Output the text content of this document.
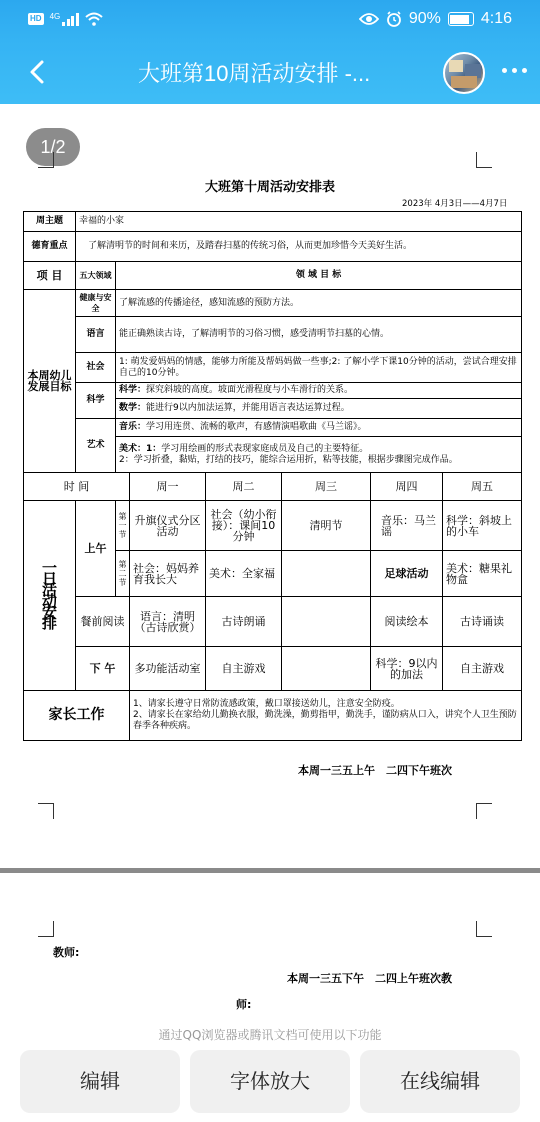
HD 4G	90%	4:16
大班第10周活动安排 -...
1/2
大班第十周活动安排表
2023年 4月3日——4月7日
周主题	幸福的小家						
德育重点	了解清明节的时间和来历，及踏春扫墓的传统习俗，从而更加珍惜今天美好生活。						
项 目	五大领域	领 域 目 标					
本周幼儿发展目标	健康与安全	了解流感的传播途径，感知流感的预防方法。					
	语言	能正确熟读古诗，了解清明节的习俗习惯，感受清明节扫墓的心情。					
	社会	1: 萌发爱妈妈的情感，能够力所能及帮妈妈做一些事;2: 了解小学下课10分钟的活动，尝试合理安排自己的10分钟。					
	科学	科学：探究斜坡的高度。坡面光滑程度与小车滑行的关系。					
		数学：能进行9以内加法运算，并能用语言表达运算过程。					
	艺术	音乐：学习用连贯、流畅的歌声，有感情演唱歌曲《马兰谣》。					
		美术：1：学习用绘画的形式表现家庭成员及自己的主要特征。
2：学习折叠，黏贴，打结的技巧，能综合运用折，粘等技能，根据步骤图完成作品。					
时 间			周一	周二	周三	周四	周五
一日活动安排	上午	第一节	升旗仪式分区活动	社会（幼小衔接）：课间10分钟	清明节	音乐：马兰谣	科学：斜坡上的小车
		第二节	社会：妈妈养育我长大	美术：全家福		足球活动	美术：糖果礼物盒
	餐前阅读		语言：清明（古诗欣赏）	古诗朗诵		阅读绘本	古诗诵读
	下 午		多功能活动室	自主游戏		科学：9以内的加法	自主游戏
家长工作			1、请家长遵守日常防流感政策，戴口罩接送幼儿，注意安全防疫。
2、请家长在家给幼儿勤换衣服，勤洗澡，勤剪指甲，勤洗手，谨防病从口入，讲究个人卫生预防春季各种疾病。				
本周一三五上午　二四下午班次
教师:
本周一三五下午　二四上午班次教
师:
通过QQ浏览器或腾讯文档可使用以下功能
编辑	字体放大	在线编辑
